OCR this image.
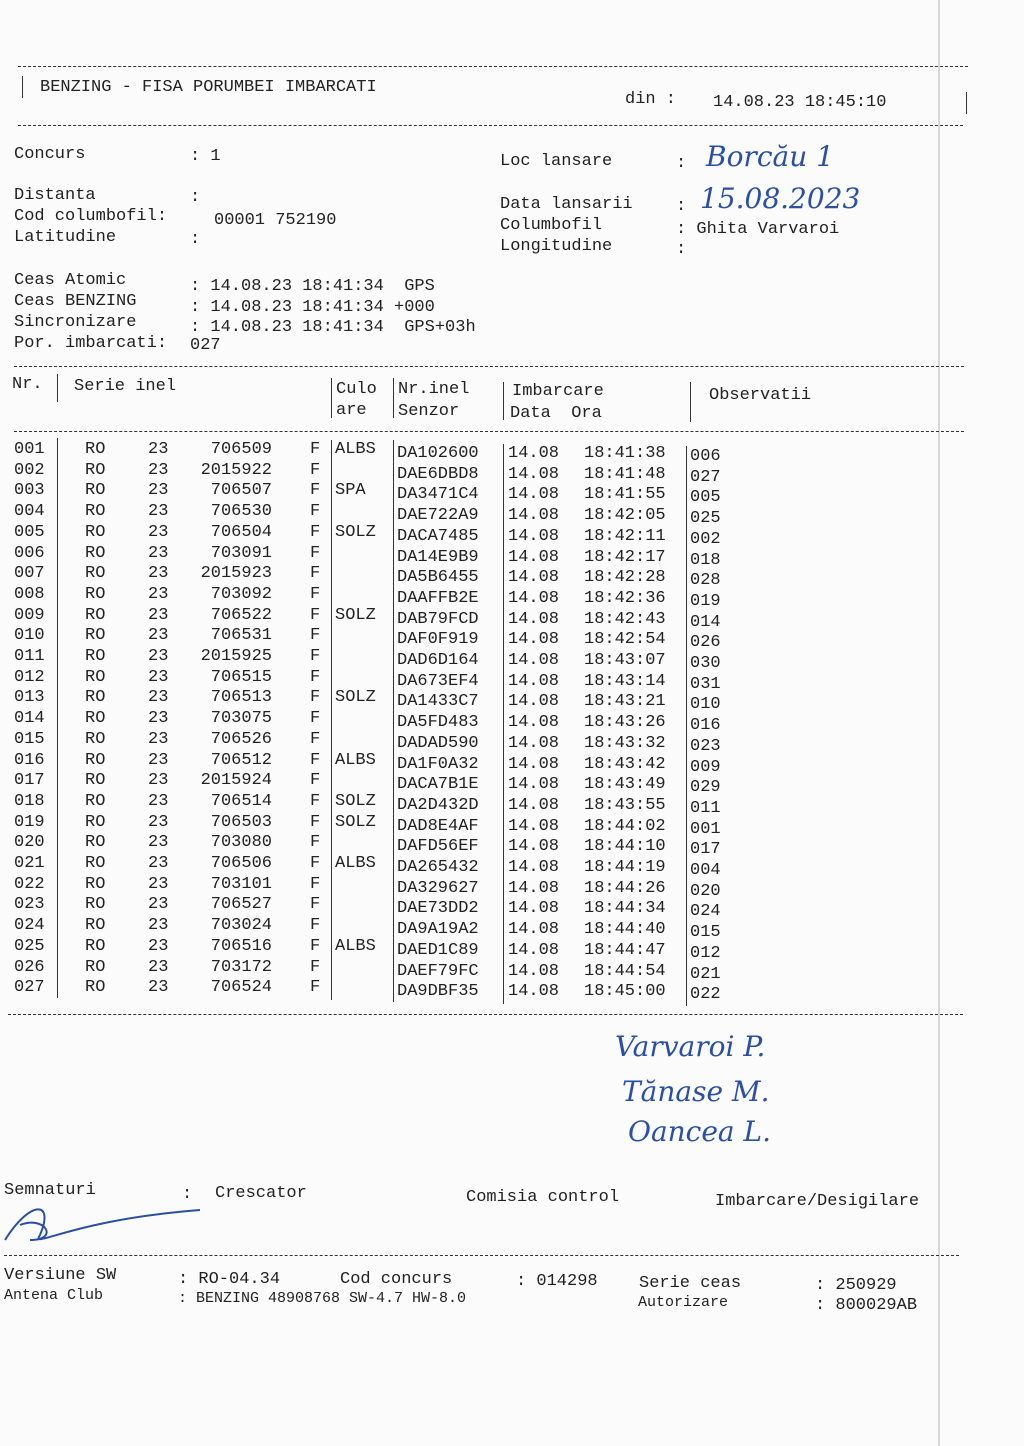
BENZING - FISA PORUMBEI IMBARCATI
din : 14.08.23 18:45:10
Concurs	: 1
Distanta	:
Cod columbofil:	00001 752190
Latitudine	:
Loc lansare	: Borcău 1
Data lansarii	: 15.08.2023
Columbofil	: Ghita Varvaroi
Longitudine	:
Ceas Atomic	: 14.08.23 18:41:34  GPS
Ceas BENZING	: 14.08.23 18:41:34 +000
Sincronizare	: 14.08.23 18:41:34  GPS+03h
Por. imbarcati: 027
Nr. Serie inel	Culo
are
Nr.inel
Senzor
Imbarcare
Data  Ora
Observatii
001 RO	23	706509 F ALBS DA102600 14.08 18:41:38 006
002 RO	23	2015922 F	DAE6DBD8 14.08 18:41:48 027
003 RO	23	706507 F SPA DA3471C4 14.08 18:41:55 005
004 RO	23	706530 F	DAE722A9 14.08 18:42:05 025
005 RO	23	706504 F SOLZ DACA7485 14.08 18:42:11 002
006 RO	23	703091 F	DA14E9B9 14.08 18:42:17 018
007 RO	23	2015923 F	DA5B6455 14.08 18:42:28 028
008 RO	23	703092 F	DAAFFB2E 14.08 18:42:36 019
009 RO	23	706522 F SOLZ DAB79FCD 14.08 18:42:43 014
010 RO	23	706531 F	DAF0F919 14.08 18:42:54 026
011 RO	23	2015925 F	DAD6D164 14.08 18:43:07 030
012 RO	23	706515 F	DA673EF4 14.08 18:43:14 031
013 RO	23	706513 F SOLZ DA1433C7 14.08 18:43:21 010
014 RO	23	703075 F	DA5FD483 14.08 18:43:26 016
015 RO	23	706526 F	DADAD590 14.08 18:43:32 023
016 RO	23	706512 F ALBS DA1F0A32 14.08 18:43:42 009
017 RO	23	2015924 F	DACA7B1E 14.08 18:43:49 029
018 RO	23	706514 F SOLZ DA2D432D 14.08 18:43:55 011
019 RO	23	706503 F SOLZ DAD8E4AF 14.08 18:44:02 001
020 RO	23	703080 F	DAFD56EF 14.08 18:44:10 017
021 RO	23	706506 F ALBS DA265432 14.08 18:44:19 004
022 RO	23	703101 F	DA329627 14.08 18:44:26 020
023 RO	23	706527 F	DAE73DD2 14.08 18:44:34 024
024 RO	23	703024 F	DA9A19A2 14.08 18:44:40 015
025 RO	23	706516 F ALBS DAED1C89 14.08 18:44:47 012
026 RO	23	703172 F	DAEF79FC 14.08 18:44:54 021
027 RO	23	706524 F	DA9DBF35 14.08 18:45:00 022
Varvaroi P.
Tănase M.
Oancea L.
Semnaturi	: Crescator	Comisia control	Imbarcare/Desigilare
Versiune SW	: RO-04.34	Cod concurs	: 014298 Serie ceas	: 250929
Antena Club	: BENZING 48908768 SW-4.7 HW-8.0	Autorizare	: 800029AB
